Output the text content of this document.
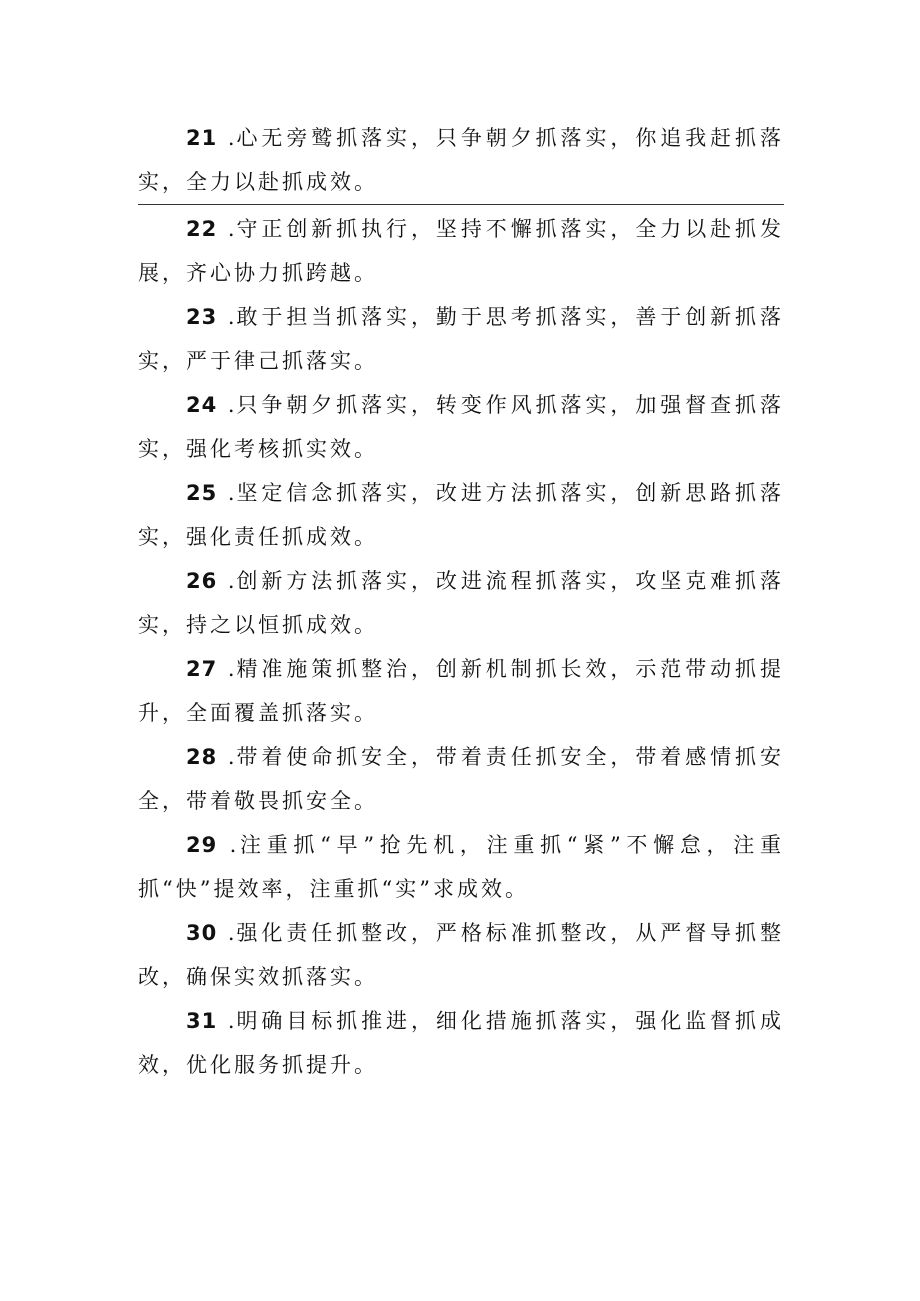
21 .心无旁鹫抓落实，只争朝夕抓落实，你追我赶抓落实，全力以赴抓成效。

22 .守正创新抓执行，坚持不懈抓落实，全力以赴抓发展，齐心协力抓跨越。

23 .敢于担当抓落实，勤于思考抓落实，善于创新抓落实，严于律己抓落实。

24 .只争朝夕抓落实，转变作风抓落实，加强督查抓落实，强化考核抓实效。

25 .坚定信念抓落实，改进方法抓落实，创新思路抓落实，强化责任抓成效。

26 .创新方法抓落实，改进流程抓落实，攻坚克难抓落实，持之以恒抓成效。

27 .精准施策抓整治，创新机制抓长效，示范带动抓提升，全面覆盖抓落实。

28 .带着使命抓安全，带着责任抓安全，带着感情抓安全，带着敬畏抓安全。

29 .注重抓“早”抢先机，注重抓“紧”不懈怠，注重抓“快”提效率，注重抓“实”求成效。

30 .强化责任抓整改，严格标准抓整改，从严督导抓整改，确保实效抓落实。

31 .明确目标抓推进，细化措施抓落实，强化监督抓成效，优化服务抓提升。
